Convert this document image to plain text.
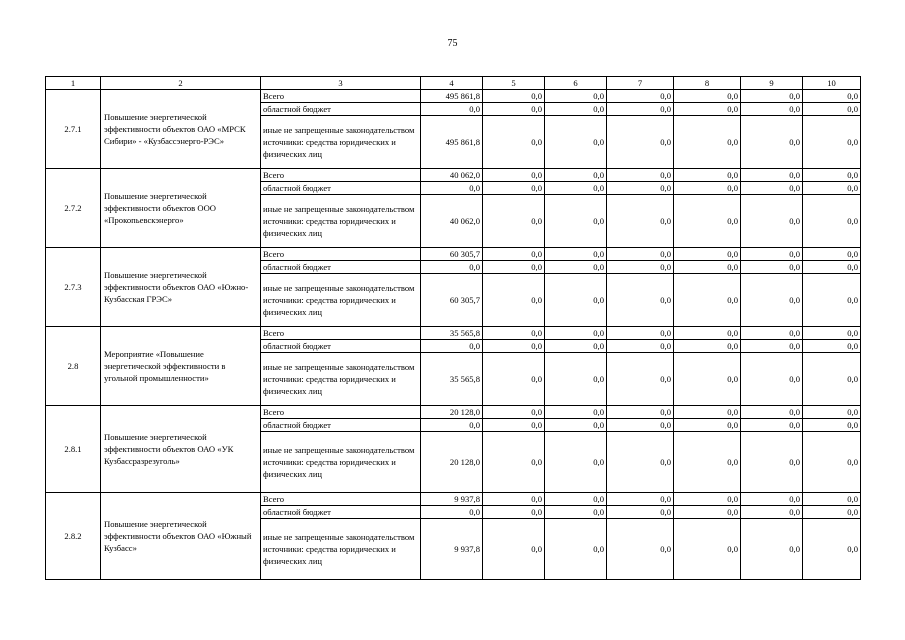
75
1	2	3	4	5	6	7	8	9	10
2.7.1	Повышение энергетической эффективности объектов ОАО «МРСК Сибири» - «Кузбассэнерго-РЭС»	Всего	495 861,8	0,0	0,0	0,0	0,0	0,0	0,0
		областной бюджет	0,0	0,0	0,0	0,0	0,0	0,0	0,0
		иные не запрещенные законодательством источники: средства юридических и физических лиц	495 861,8	0,0	0,0	0,0	0,0	0,0	0,0
2.7.2	Повышение энергетической эффективности объектов ООО «Прокопьевскэнерго»	Всего	40 062,0	0,0	0,0	0,0	0,0	0,0	0,0
		областной бюджет	0,0	0,0	0,0	0,0	0,0	0,0	0,0
		иные не запрещенные законодательством источники: средства юридических и физических лиц	40 062,0	0,0	0,0	0,0	0,0	0,0	0,0
2.7.3	Повышение энергетической эффективности объектов ОАО «Южно-Кузбасская ГРЭС»	Всего	60 305,7	0,0	0,0	0,0	0,0	0,0	0,0
		областной бюджет	0,0	0,0	0,0	0,0	0,0	0,0	0,0
		иные не запрещенные законодательством источники: средства юридических и физических лиц	60 305,7	0,0	0,0	0,0	0,0	0,0	0,0
2.8	Мероприятие «Повышение энергетической эффективности в угольной промышленности»	Всего	35 565,8	0,0	0,0	0,0	0,0	0,0	0,0
		областной бюджет	0,0	0,0	0,0	0,0	0,0	0,0	0,0
		иные не запрещенные законодательством источники: средства юридических и физических лиц	35 565,8	0,0	0,0	0,0	0,0	0,0	0,0
2.8.1	Повышение энергетической эффективности объектов ОАО «УК Кузбассразрезуголь»	Всего	20 128,0	0,0	0,0	0,0	0,0	0,0	0,0
		областной бюджет	0,0	0,0	0,0	0,0	0,0	0,0	0,0
		иные не запрещенные законодательством источники: средства юридических и физических лиц	20 128,0	0,0	0,0	0,0	0,0	0,0	0,0
2.8.2	Повышение энергетической эффективности объектов ОАО «Южный Кузбасс»	Всего	9 937,8	0,0	0,0	0,0	0,0	0,0	0,0
		областной бюджет	0,0	0,0	0,0	0,0	0,0	0,0	0,0
		иные не запрещенные законодательством источники: средства юридических и физических лиц	9 937,8	0,0	0,0	0,0	0,0	0,0	0,0
